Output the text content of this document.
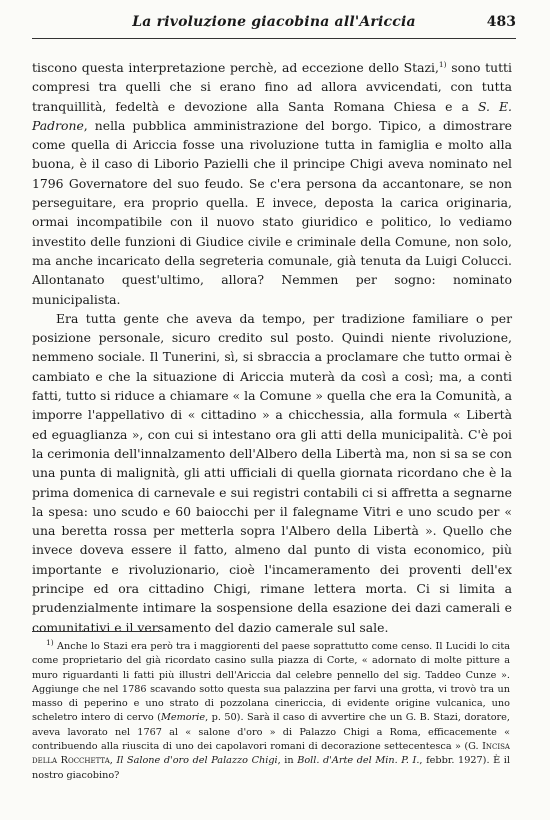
La rivoluzione giacobina all'Ariccia	483

tiscono questa interpretazione perchè, ad eccezione dello Stazi,$^{1)}$ sono tutti compresi tra quelli che si erano fino ad allora avvicendati, con tutta tranquillità, fedeltà e devozione alla Santa Romana Chiesa e a S. E. Padrone, nella pubblica amministrazione del borgo. Tipico, a dimostrare come quella di Ariccia fosse una rivoluzione tutta in famiglia e molto alla buona, è il caso di Liborio Pazielli che il principe Chigi aveva nominato nel 1796 Governatore del suo feudo. Se c'era persona da accantonare, se non perseguitare, era proprio quella. E invece, deposta la carica originaria, ormai incompatibile con il nuovo stato giuridico e politico, lo vediamo investito delle funzioni di Giudice civile e criminale della Comune, non solo, ma anche incaricato della segreteria comunale, già tenuta da Luigi Colucci. Allontanato quest'ultimo, allora? Nemmen per sogno: nominato municipalista.

Era tutta gente che aveva da tempo, per tradizione familiare o per posizione personale, sicuro credito sul posto. Quindi niente rivoluzione, nemmeno sociale. Il Tunerini, sì, si sbraccia a proclamare che tutto ormai è cambiato e che la situazione di Ariccia muterà da così a così; ma, a conti fatti, tutto si riduce a chiamare « la Comune » quella che era la Comunità, a imporre l'appellativo di « cittadino » a chicchessia, alla formula « Libertà ed eguaglianza », con cui si intestano ora gli atti della municipalità. C'è poi la cerimonia dell'innalzamento dell'Albero della Libertà ma, non si sa se con una punta di malignità, gli atti ufficiali di quella giornata ricordano che è la prima domenica di carnevale e sui registri contabili ci si affretta a segnarne la spesa: uno scudo e 60 baiocchi per il falegname Vitri e uno scudo per « una beretta rossa per metterla sopra l'Albero della Libertà ». Quello che invece doveva essere il fatto, almeno dal punto di vista economico, più importante e rivoluzionario, cioè l'incameramento dei proventi dell'ex principe ed ora cittadino Chigi, rimane lettera morta. Ci si limita a prudenzialmente intimare la sospensione della esazione dei dazi camerali e comunitativi e il versamento del dazio camerale sul sale.

$^{1)}$ Anche lo Stazi era però tra i maggiorenti del paese soprattutto come censo. Il Lucidi lo cita come proprietario del già ricordato casino sulla piazza di Corte, « adornato di molte pitture a muro riguardanti li fatti più illustri dell'Ariccia dal celebre pennello del sig. Taddeo Cunze ». Aggiunge che nel 1786 scavando sotto questa sua palazzina per farvi una grotta, vi trovò tra un masso di peperino e uno strato di pozzolana cinericcia, di evidente origine vulcanica, uno scheletro intero di cervo (Memorie, p. 50). Sarà il caso di avvertire che un G. B. Stazi, doratore, aveva lavorato nel 1767 al « salone d'oro » di Palazzo Chigi a Roma, efficacemente « contribuendo alla riuscita di uno dei capolavori romani di decorazione settecentesca » (G. Incisa della Rocchetta, Il Salone d'oro del Palazzo Chigi, in Boll. d'Arte del Min. P. I., febbr. 1927). È il nostro giacobino?
